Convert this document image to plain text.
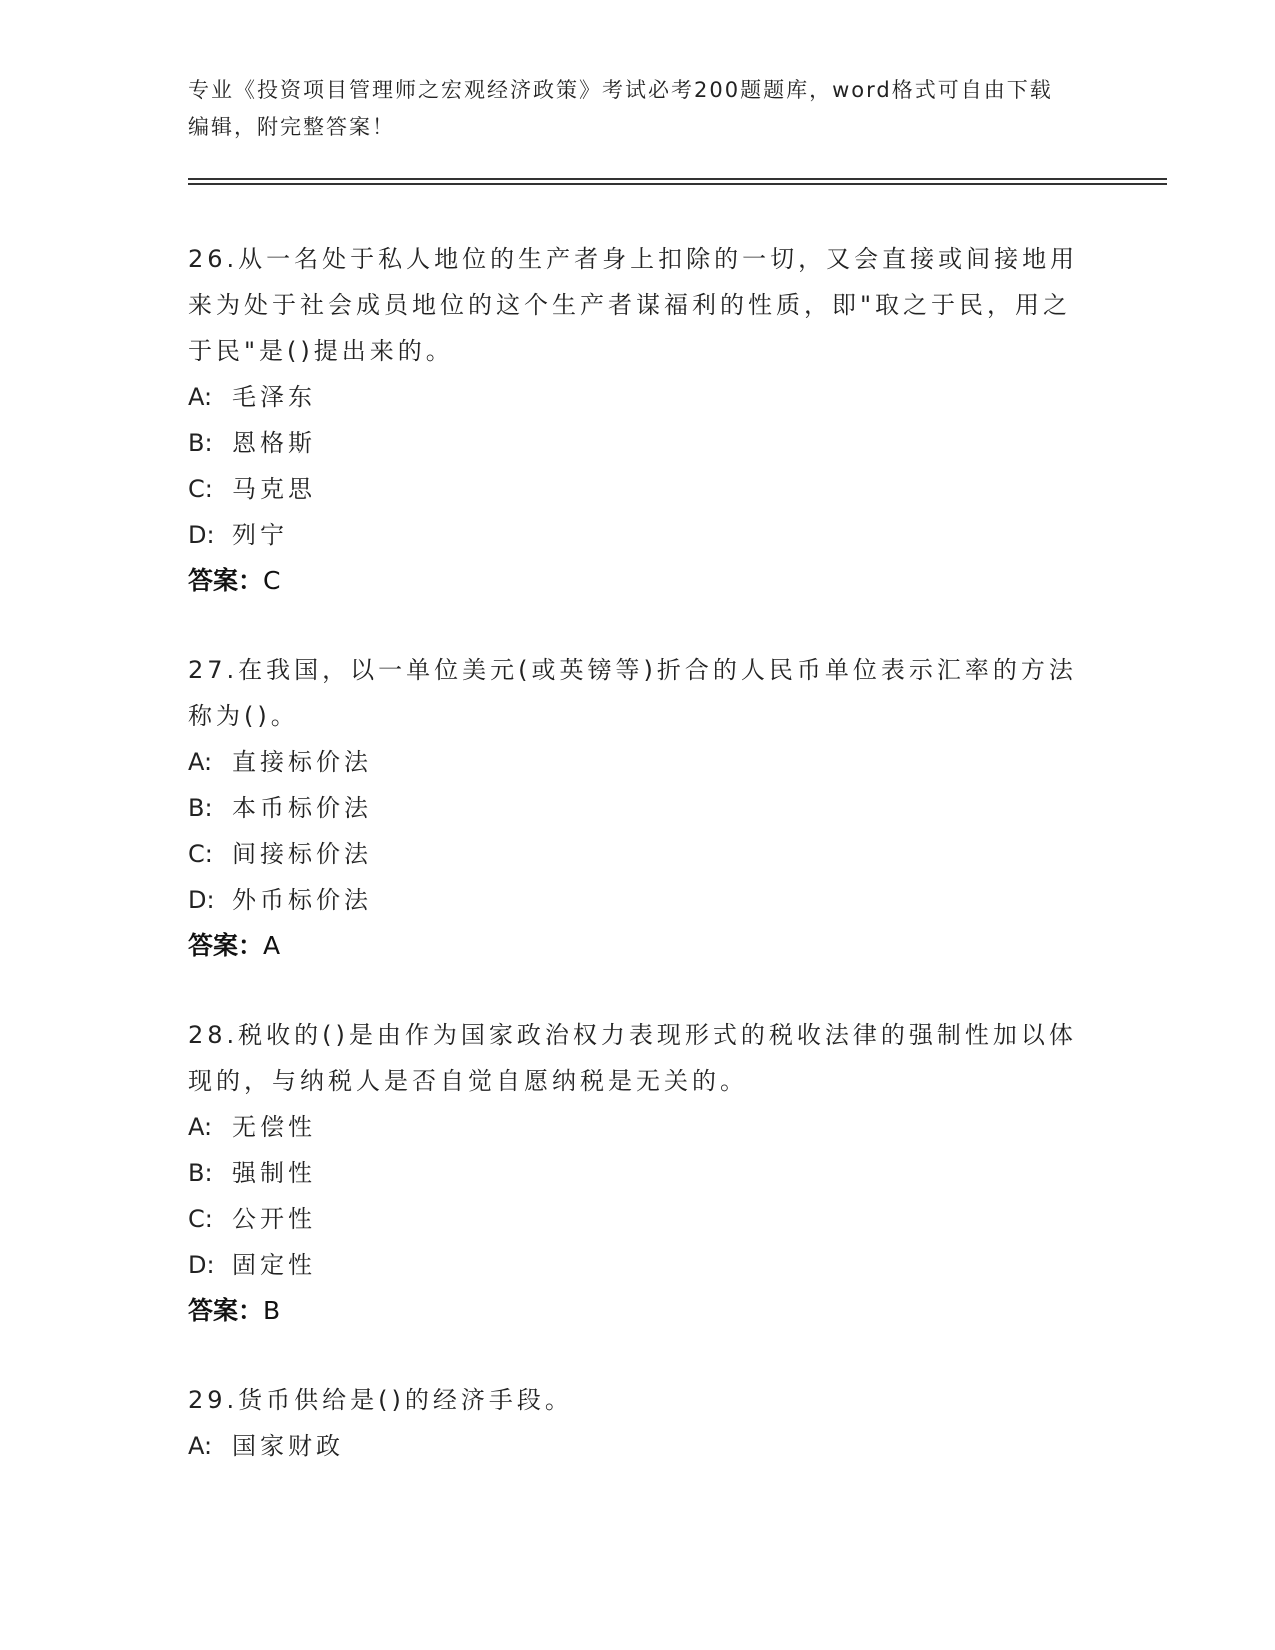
专业《投资项目管理师之宏观经济政策》考试必考200题题库，word格式可自由下载编辑，附完整答案！
26.从一名处于私人地位的生产者身上扣除的一切，又会直接或间接地用来为处于社会成员地位的这个生产者谋福利的性质，即"取之于民，用之于民"是()提出来的。
A: 毛泽东
B: 恩格斯
C: 马克思
D: 列宁
答案：C
27.在我国，以一单位美元(或英镑等)折合的人民币单位表示汇率的方法称为()。
A: 直接标价法
B: 本币标价法
C: 间接标价法
D: 外币标价法
答案：A
28.税收的()是由作为国家政治权力表现形式的税收法律的强制性加以体现的，与纳税人是否自觉自愿纳税是无关的。
A: 无偿性
B: 强制性
C: 公开性
D: 固定性
答案：B
29.货币供给是()的经济手段。
A: 国家财政
